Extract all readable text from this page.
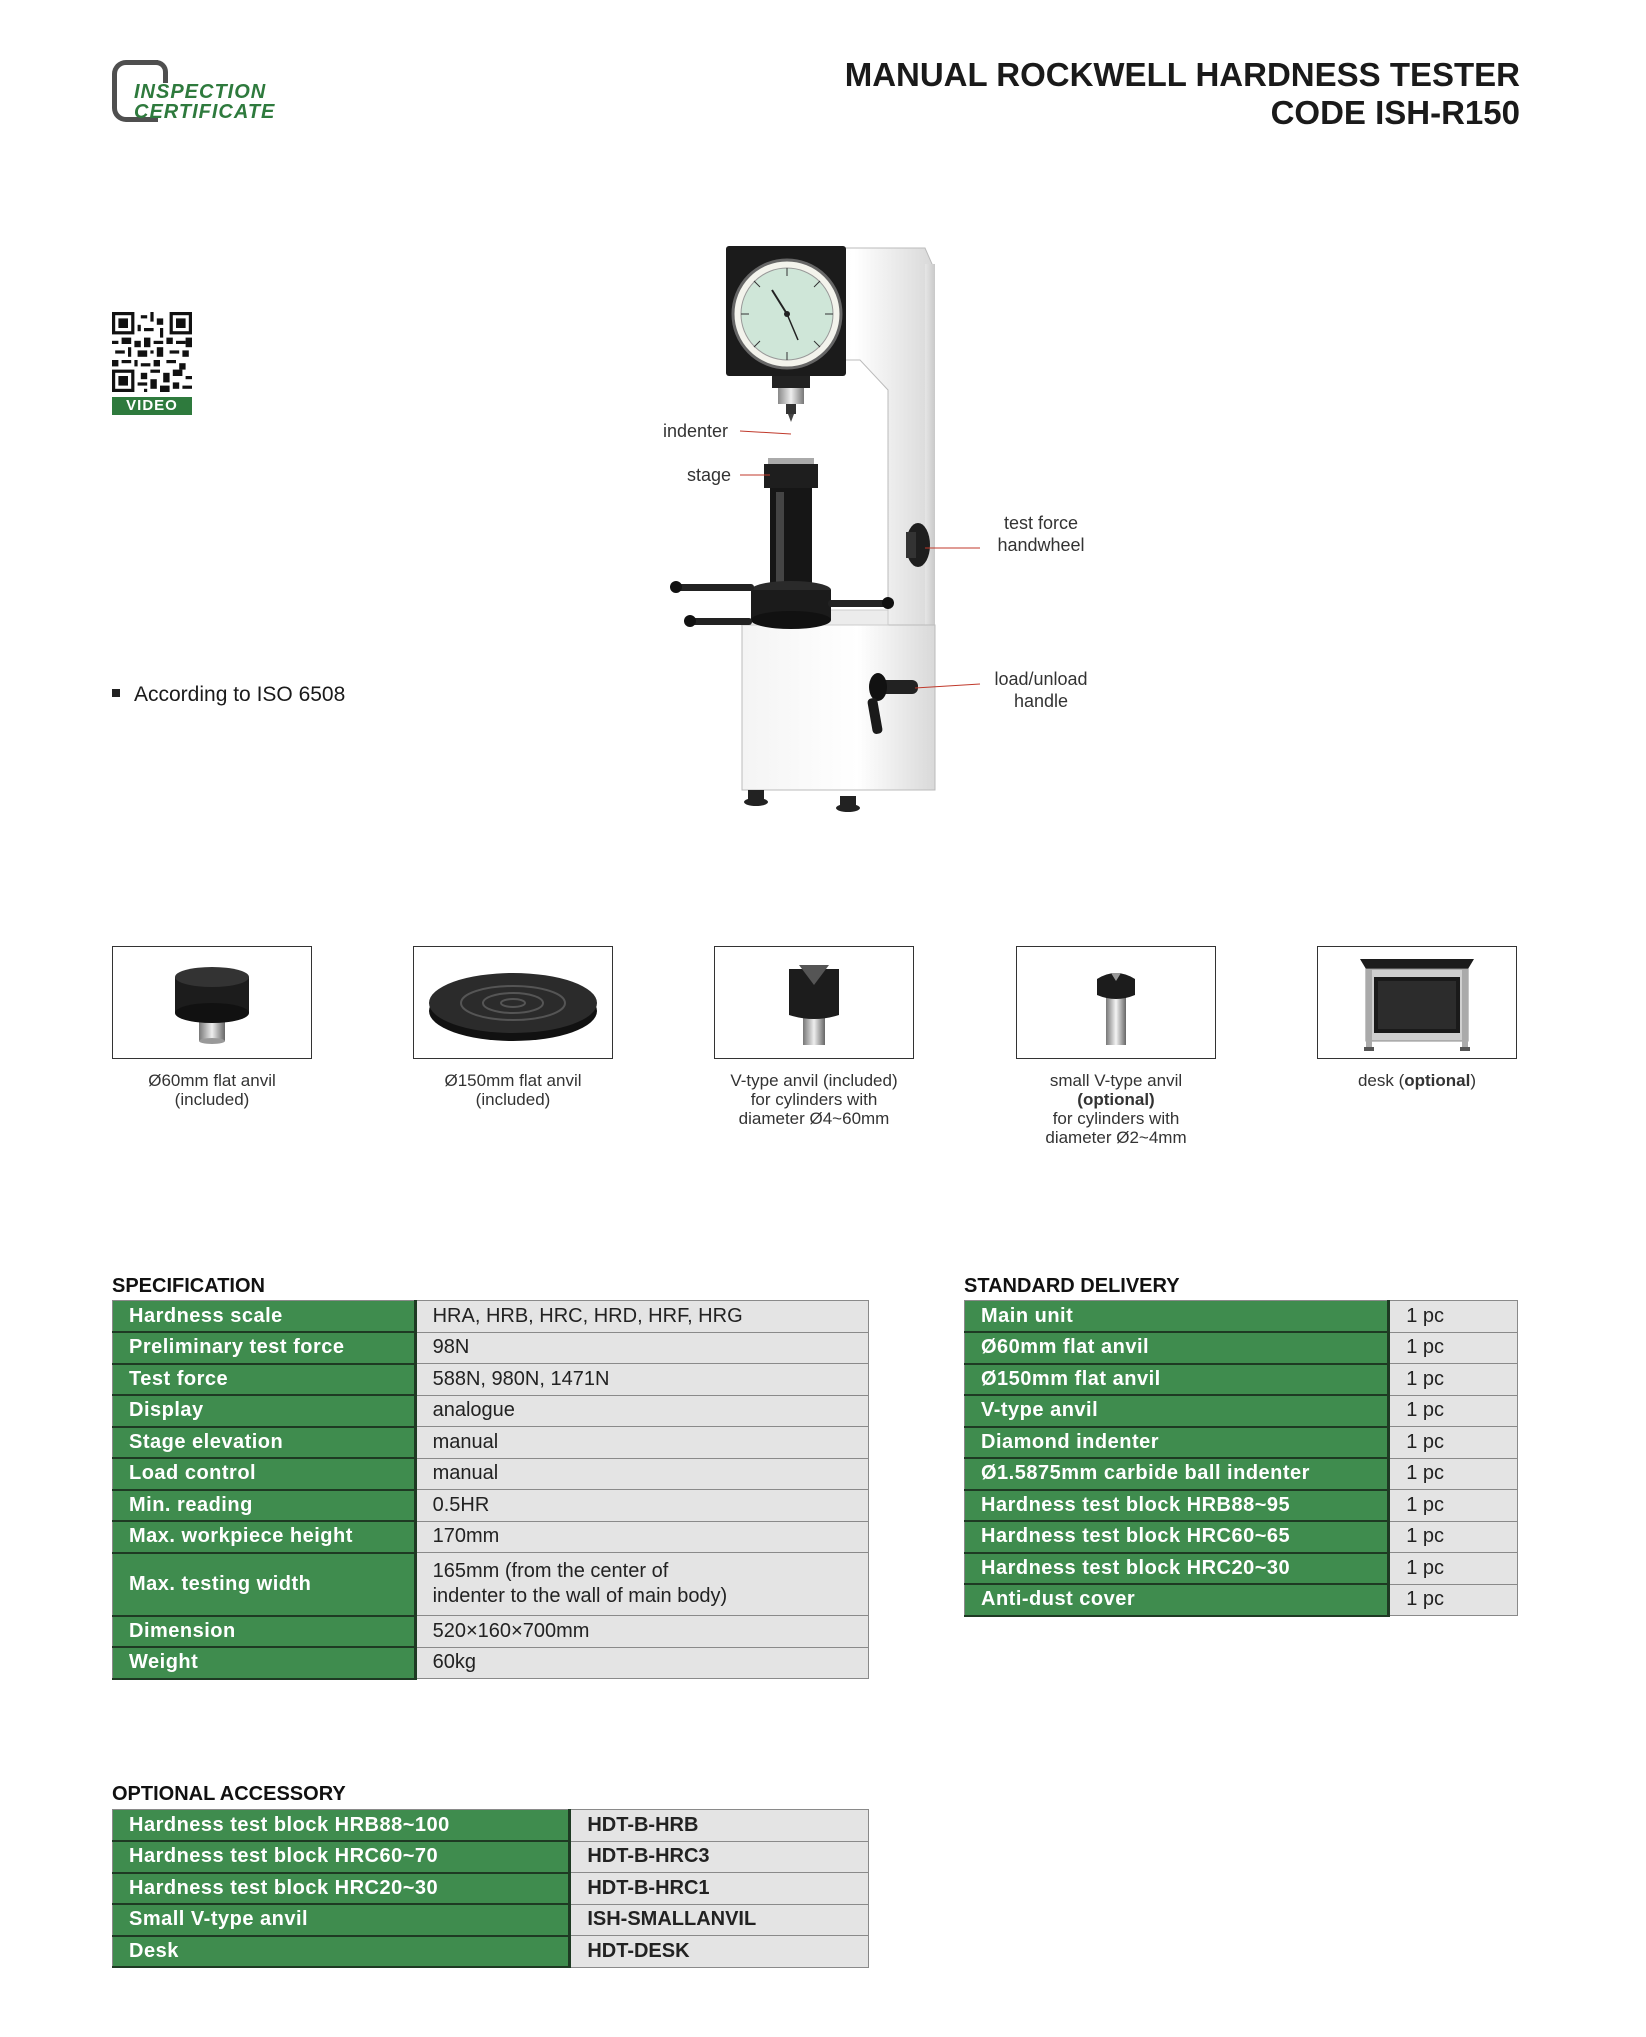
INSPECTION
CERTIFICATE
MANUAL ROCKWELL HARDNESS TESTER
CODE ISH-R150
VIDEO
According to ISO 6508
indenter
stage
test force
handwheel
load/unload
handle
Ø60mm flat anvil
(included)
Ø150mm flat anvil
(included)
V-type anvil (included)
for cylinders with
diameter Ø4~60mm
small V-type anvil
(optional)
for cylinders with
diameter Ø2~4mm
desk (optional)
SPECIFICATION
Hardness scale	HRA, HRB, HRC, HRD, HRF, HRG
Preliminary test force	98N
Test force	588N, 980N, 1471N
Display	analogue
Stage elevation	manual
Load control	manual
Min. reading	0.5HR
Max. workpiece height	170mm
Max. testing width	165mm (from the center of
indenter to the wall of main body)

Dimension	520×160×700mm
Weight	60kg
STANDARD DELIVERY
Main unit	1 pc
Ø60mm flat anvil	1 pc
Ø150mm flat anvil	1 pc
V-type anvil	1 pc
Diamond indenter	1 pc
Ø1.5875mm carbide ball indenter	1 pc
Hardness test block HRB88~95	1 pc
Hardness test block HRC60~65	1 pc
Hardness test block HRC20~30	1 pc
Anti-dust cover	1 pc
OPTIONAL ACCESSORY
Hardness test block HRB88~100	HDT-B-HRB
Hardness test block HRC60~70	HDT-B-HRC3
Hardness test block HRC20~30	HDT-B-HRC1
Small V-type anvil	ISH-SMALLANVIL
Desk	HDT-DESK
